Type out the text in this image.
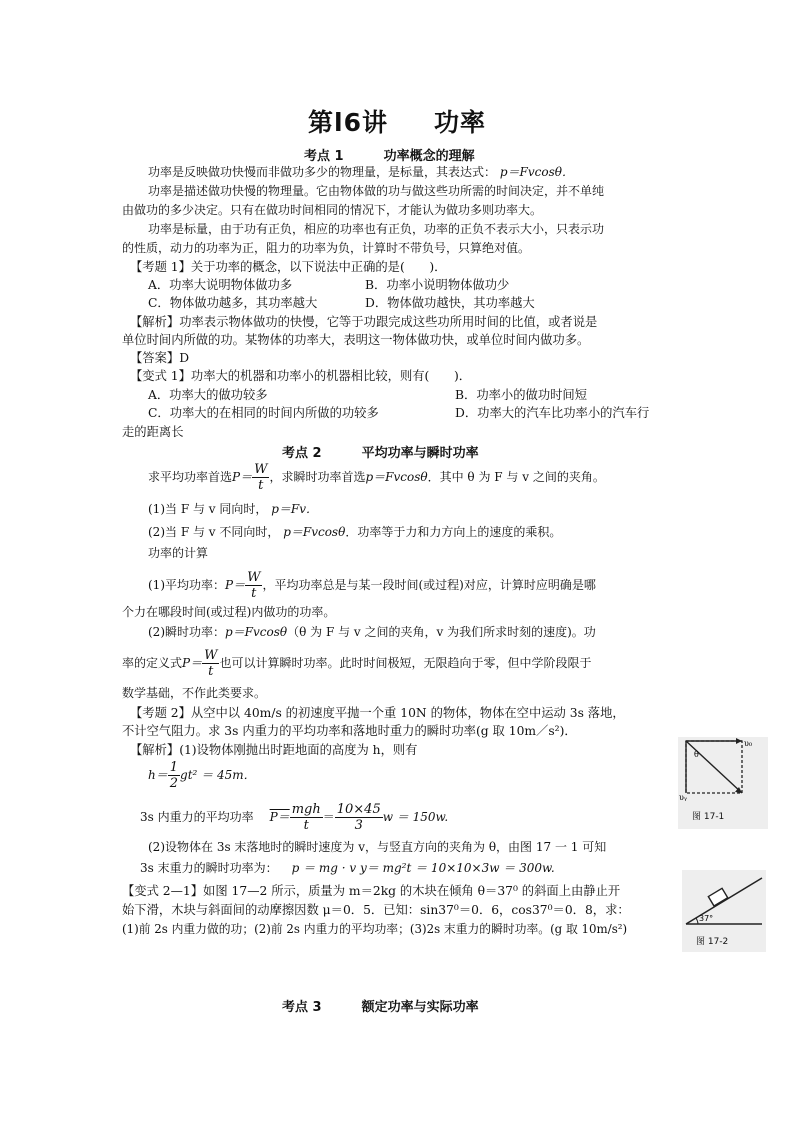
第l6讲 功率
考点 1	功率概念的理解
功率是反映做功快慢而非做功多少的物理量，是标量，其表达式： p＝Fvcosθ．
功率是描述做功快慢的物理量。它由物体做的功与做这些功所需的时间决定，并不单纯
由做功的多少决定。只有在做功时间相同的情况下，才能认为做功多则功率大。
功率是标量，由于功有正负，相应的功率也有正负，功率的正负不表示大小，只表示功
的性质，动力的功率为正，阻力的功率为负，计算时不带负号，只算绝对值。
【考题 1】关于功率的概念，以下说法中正确的是(　　)．
A．功率大说明物体做功多	B．功率小说明物体做功少
C．物体做功越多，其功率越大	D．物体做功越快，其功率越大
【解析】功率表示物体做功的快慢，它等于功跟完成这些功所用时间的比值，或者说是
单位时间内所做的功。某物体的功率大，表明这一物体做功快，或单位时间内做功多。
【答案】D
【变式 1】功率大的机器和功率小的机器相比较，则有(　　)．
A．功率大的做功较多	B．功率小的做功时间短
C．功率大的在相同的时间内所做的功较多	D．功率大的汽车比功率小的汽车行
走的距离长
考点 2	平均功率与瞬时功率
求平均功率首选$P= \frac{W}{t}$ ，求瞬时功率首选p＝Fvcosθ．其中 θ 为 F 与 v 之间的夹角。
(1)当 F 与 v 同向时， p＝Fv．
(2)当 F 与 v 不同向时， p＝Fvcosθ．功率等于力和力方向上的速度的乘积。
功率的计算
(1)平均功率：$P= \frac{W}{t}$ ，平均功率总是与某一段时间(或过程)对应，计算时应明确是哪
个力在哪段时间(或过程)内做功的功率。
(2)瞬时功率：p＝Fvcosθ（θ 为 F 与 v 之间的夹角，v 为我们所求时刻的速度)。功
率的定义式$P= \frac{W}{t}$ 也可以计算瞬时功率。此时时间极短，无限趋向于零，但中学阶段限于
数学基础，不作此类要求。
【考题 2】从空中以 40m/s 的初速度平抛一个重 10N 的物体，物体在空中运动 3s 落地，
不计空气阻力。求 3s 内重力的平均功率和落地时重力的瞬时功率(g 取 10m／s²)．
【解析】(1)设物体刚抛出时距地面的高度为 h，则有
$h= \frac{1}{2} gt^2 = 45m$．
3s 内重力的平均功率 $P= \frac{\text{mgh}}{t} = \frac{10\times 45}{3}$ w ＝ 150w.
(2)设物体在 3s 末落地时的瞬时速度为 v，与竖直方向的夹角为 θ，由图 17 一 1 可知
3s 末重力的瞬时功率为： p ＝ mg · v y＝ mg²t ＝ 10×10×3w ＝ 300w.
【变式 2—1】如图 17—2 所示，质量为 m＝2kg 的木块在倾角 θ＝37⁰ 的斜面上由静止开
始下滑，木块与斜面间的动摩擦因数 μ＝0．5．已知：sin37⁰＝0．6，cos37⁰＝0．8，求：
(1)前 2s 内重力做的功；(2)前 2s 内重力的平均功率；(3)2s 末重力的瞬时功率。(g 取 10m/s²)
υ₀
θ
υᵧ
图 17-1
37°
图 17-2
考点 3	额定功率与实际功率
